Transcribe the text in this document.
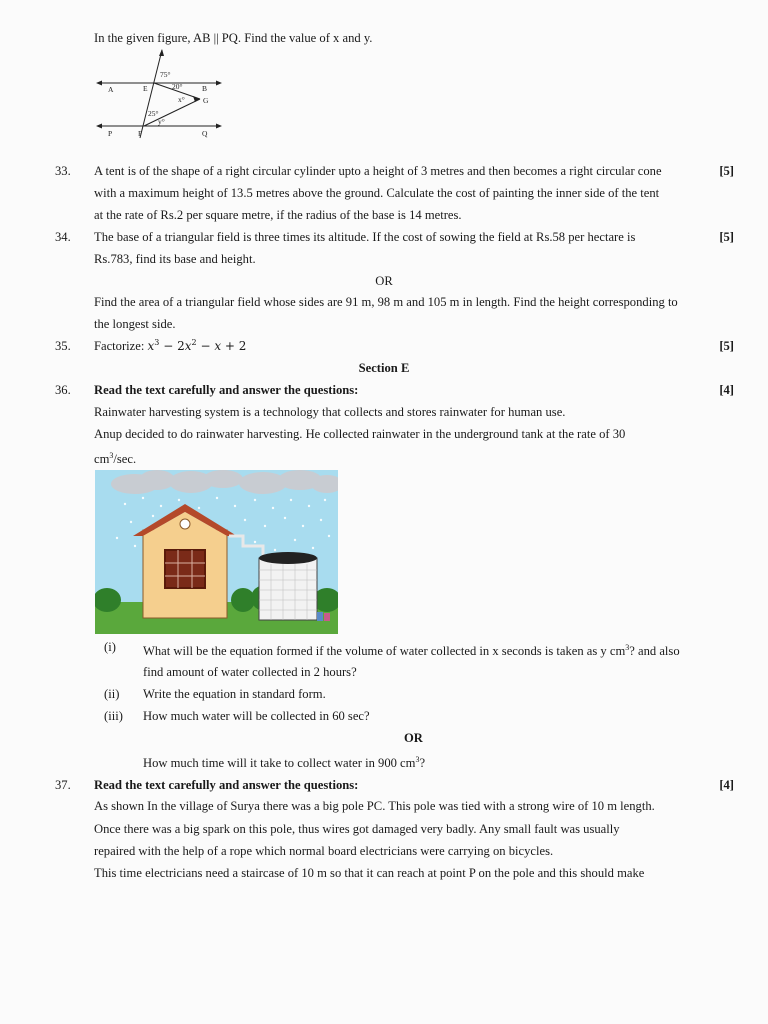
In the given figure, AB || PQ. Find the value of x and y.
A	E	B
G
P	F	Q
75°
20°
x°
25°
y°
33.	[5]
A tent is of the shape of a right circular cylinder upto a height of 3 metres and then becomes a right circular cone
with a maximum height of 13.5 metres above the ground. Calculate the cost of painting the inner side of the tent
at the rate of Rs.2 per square metre, if the radius of the base is 14 metres.
34.	[5]
The base of a triangular field is three times its altitude. If the cost of sowing the field at Rs.58 per hectare is
Rs.783, find its base and height.
OR
Find the area of a triangular field whose sides are 91 m, 98 m and 105 m in length. Find the height corresponding to
the longest side.
35.	[5]
Factorize: $x^3 - 2x^2 - x + 2$
Section E
36.	[4]
Read the text carefully and answer the questions:
Rainwater harvesting system is a technology that collects and stores rainwater for human use.
Anup decided to do rainwater harvesting. He collected rainwater in the underground tank at the rate of 30
$cm^3/\sec$.
(i) What will be the equation formed if the volume of water collected in x seconds is taken as y $cm^3$? and also
find amount of water collected in 2 hours?
(ii) Write the equation in standard form.
(iii) How much water will be collected in 60 sec?
OR
How much time will it take to collect water in 900 $cm^3$?
37.	[4]
Read the text carefully and answer the questions:
As shown In the village of Surya there was a big pole PC. This pole was tied with a strong wire of 10 m length.
Once there was a big spark on this pole, thus wires got damaged very badly. Any small fault was usually
repaired with the help of a rope which normal board electricians were carrying on bicycles.
This time electricians need a staircase of 10 m so that it can reach at point P on the pole and this should make
